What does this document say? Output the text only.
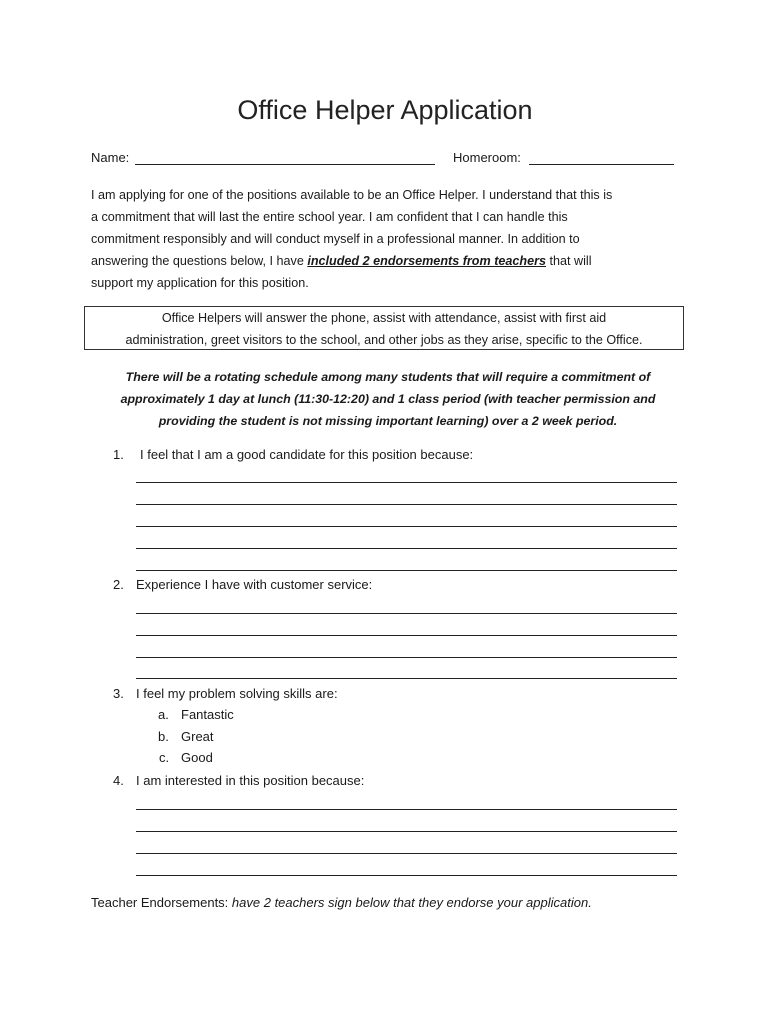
Office Helper Application
Name:	Homeroom:
I am applying for one of the positions available to be an Office Helper. I understand that this is
a commitment that will last the entire school year. I am confident that I can handle this
commitment responsibly and will conduct myself in a professional manner. In addition to
answering the questions below, I have included 2 endorsements from teachers that will
support my application for this position.
Office Helpers will answer the phone, assist with attendance, assist with first aid
administration, greet visitors to the school, and other jobs as they arise, specific to the Office.
There will be a rotating schedule among many students that will require a commitment of
approximately 1 day at lunch (11:30-12:20) and 1 class period (with teacher permission and
providing the student is not missing important learning) over a 2 week period.
1. I feel that I am a good candidate for this position because:
2. Experience I have with customer service:
3. I feel my problem solving skills are:
a. Fantastic
b. Great
c. Good
4. I am interested in this position because:
Teacher Endorsements: have 2 teachers sign below that they endorse your application.
